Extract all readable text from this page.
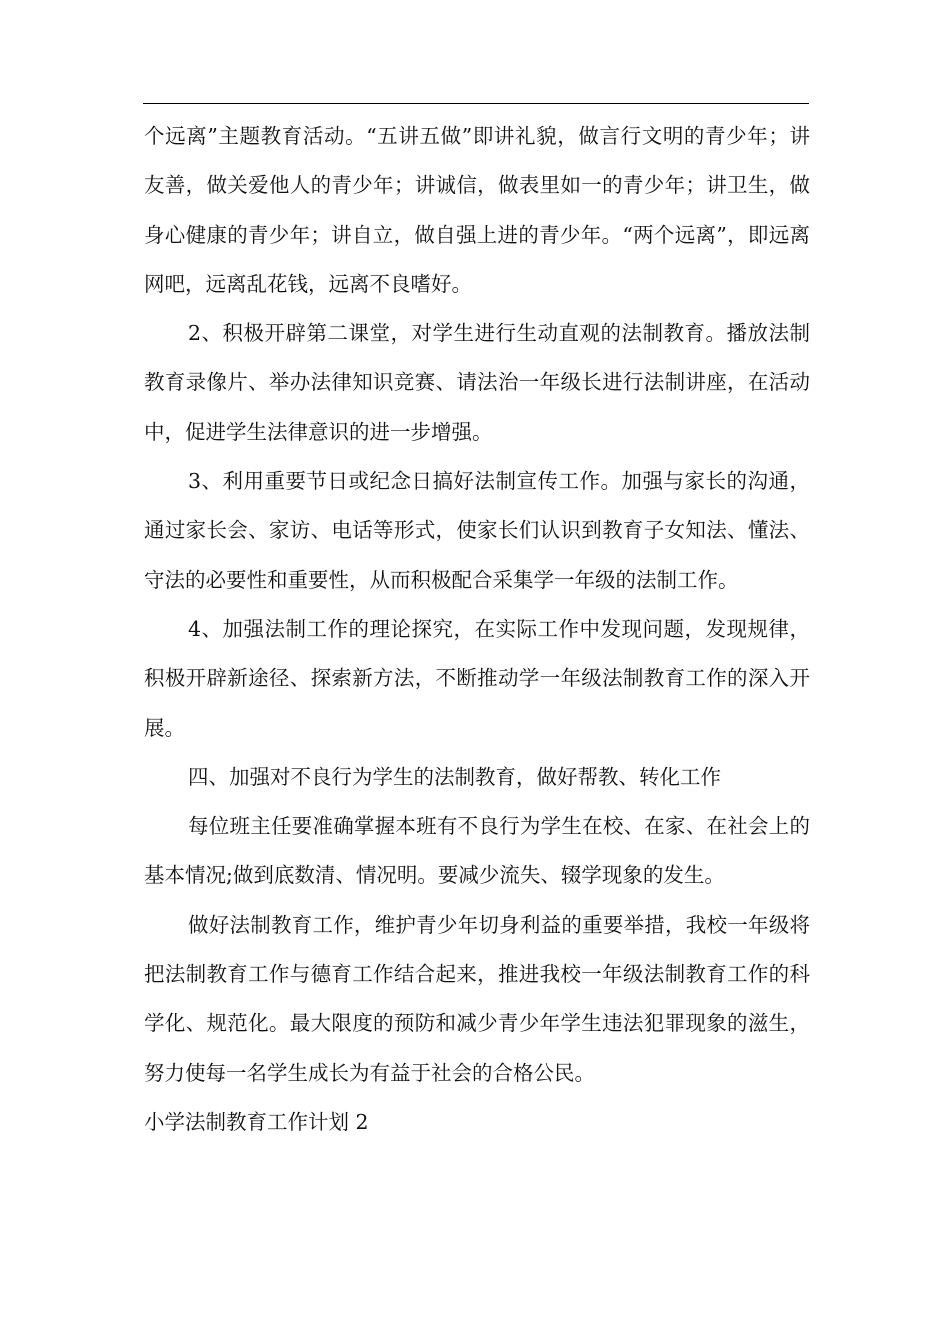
个远离”主题教育活动。“五讲五做”即讲礼貌，做言行文明的青少年；讲友善，做关爱他人的青少年；讲诚信，做表里如一的青少年；讲卫生，做身心健康的青少年；讲自立，做自强上进的青少年。“两个远离”，即远离网吧，远离乱花钱，远离不良嗜好。

2、积极开辟第二课堂，对学生进行生动直观的法制教育。播放法制教育录像片、举办法律知识竞赛、请法治一年级长进行法制讲座，在活动中，促进学生法律意识的进一步增强。

3、利用重要节日或纪念日搞好法制宣传工作。加强与家长的沟通，通过家长会、家访、电话等形式，使家长们认识到教育子女知法、懂法、守法的必要性和重要性，从而积极配合采集学一年级的法制工作。

4、加强法制工作的理论探究，在实际工作中发现问题，发现规律，积极开辟新途径、探索新方法，不断推动学一年级法制教育工作的深入开展。

四、加强对不良行为学生的法制教育，做好帮教、转化工作

每位班主任要准确掌握本班有不良行为学生在校、在家、在社会上的基本情况;做到底数清、情况明。要减少流失、辍学现象的发生。

做好法制教育工作，维护青少年切身利益的重要举措，我校一年级将把法制教育工作与德育工作结合起来，推进我校一年级法制教育工作的科学化、规范化。最大限度的预防和减少青少年学生违法犯罪现象的滋生，努力使每一名学生成长为有益于社会的合格公民。

小学法制教育工作计划 2
